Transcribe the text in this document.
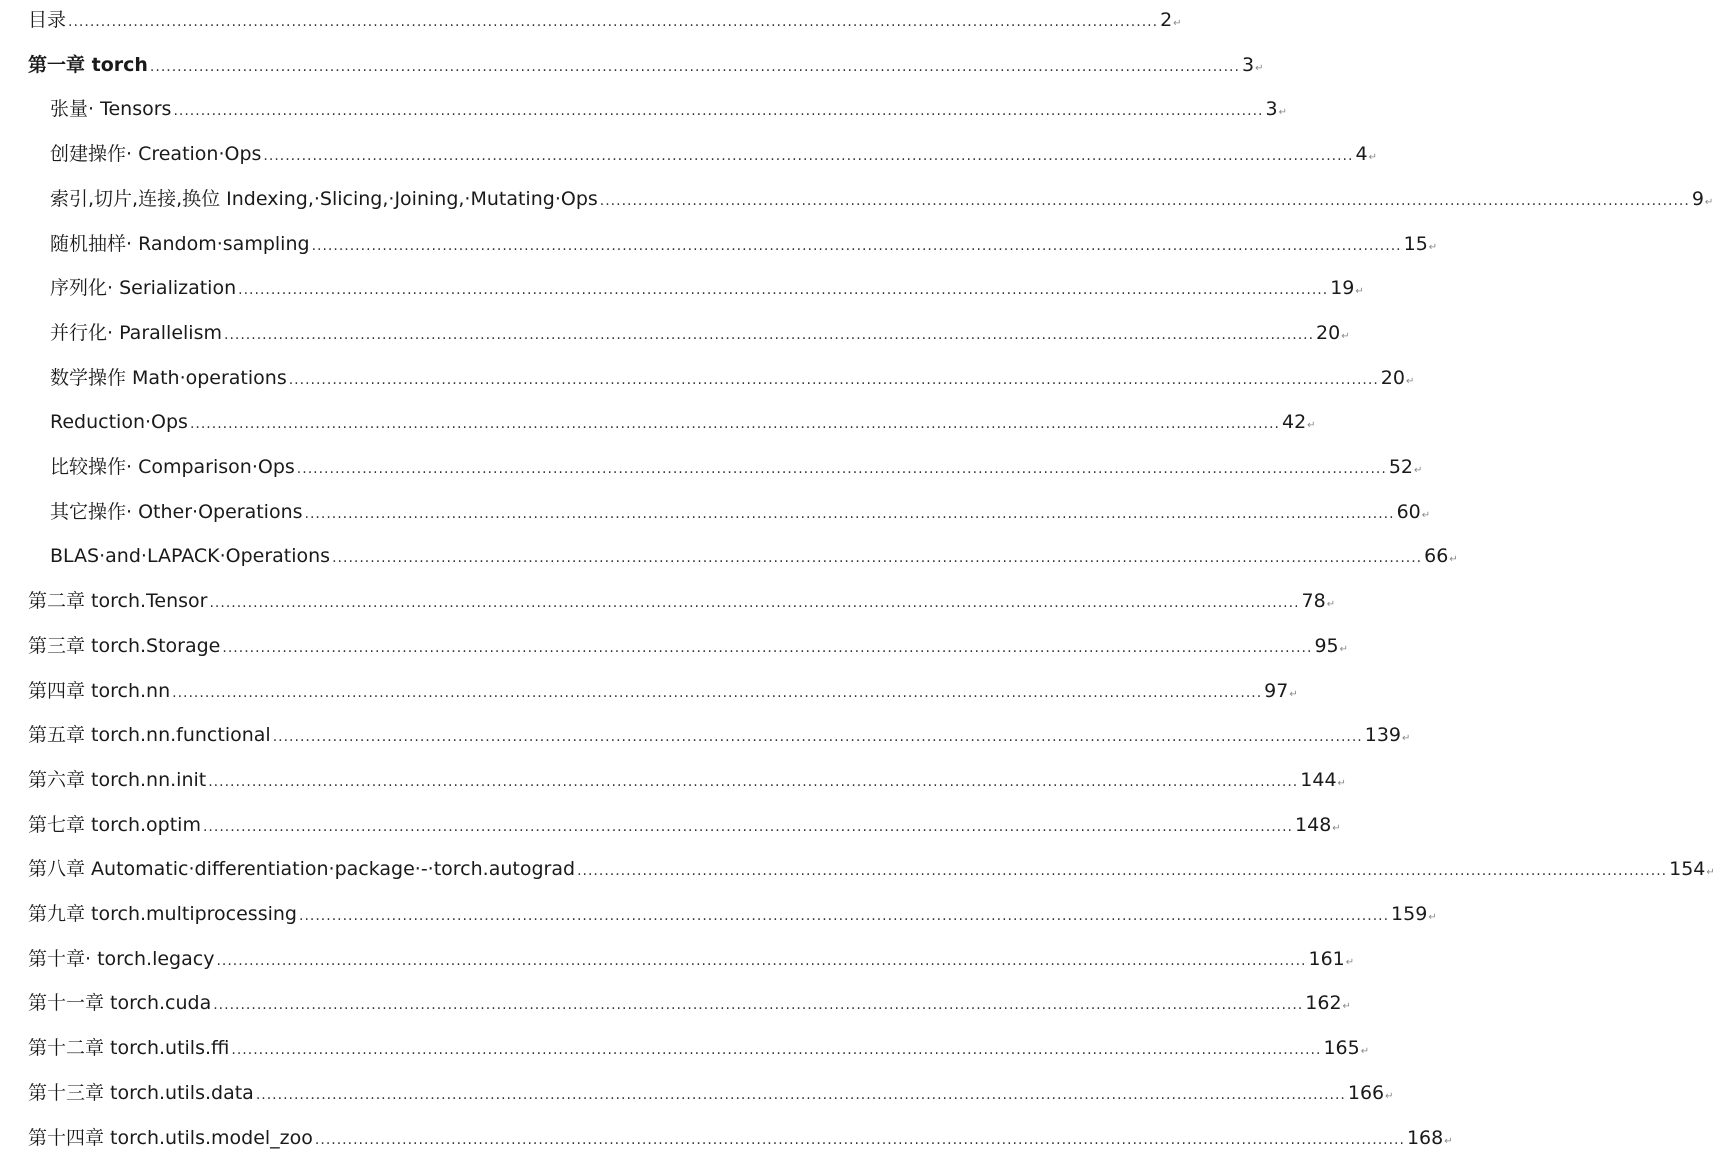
目录 ........................................................................................................................................................................................................ 2 ↵
第一章 torch ........................................................................................................................................................................................................ 3 ↵
张量· Tensors ........................................................................................................................................................................................................ 3 ↵
创建操作· Creation·Ops ........................................................................................................................................................................................................ 4 ↵
索引,切片,连接,换位 Indexing,·Slicing,·Joining,·Mutating·Ops ........................................................................................................................................................................................................ 9 ↵
随机抽样· Random·sampling ........................................................................................................................................................................................................ 15 ↵
序列化· Serialization ........................................................................................................................................................................................................ 19 ↵
并行化· Parallelism ........................................................................................................................................................................................................ 20 ↵
数学操作 Math·operations ........................................................................................................................................................................................................ 20 ↵
Reduction·Ops ........................................................................................................................................................................................................ 42 ↵
比较操作· Comparison·Ops ........................................................................................................................................................................................................ 52 ↵
其它操作· Other·Operations ........................................................................................................................................................................................................ 60 ↵
BLAS·and·LAPACK·Operations ........................................................................................................................................................................................................ 66 ↵
第二章 torch.Tensor ........................................................................................................................................................................................................ 78 ↵
第三章 torch.Storage ........................................................................................................................................................................................................ 95 ↵
第四章 torch.nn ........................................................................................................................................................................................................ 97 ↵
第五章 torch.nn.functional ........................................................................................................................................................................................................ 139 ↵
第六章 torch.nn.init ........................................................................................................................................................................................................ 144 ↵
第七章 torch.optim ........................................................................................................................................................................................................ 148 ↵
第八章 Automatic·differentiation·package·-·torch.autograd ........................................................................................................................................................................................................ 154 ↵
第九章 torch.multiprocessing ........................................................................................................................................................................................................ 159 ↵
第十章· torch.legacy ........................................................................................................................................................................................................ 161 ↵
第十一章 torch.cuda ........................................................................................................................................................................................................ 162 ↵
第十二章 torch.utils.ffi ........................................................................................................................................................................................................ 165 ↵
第十三章 torch.utils.data ........................................................................................................................................................................................................ 166 ↵
第十四章 torch.utils.model_zoo ........................................................................................................................................................................................................ 168 ↵
